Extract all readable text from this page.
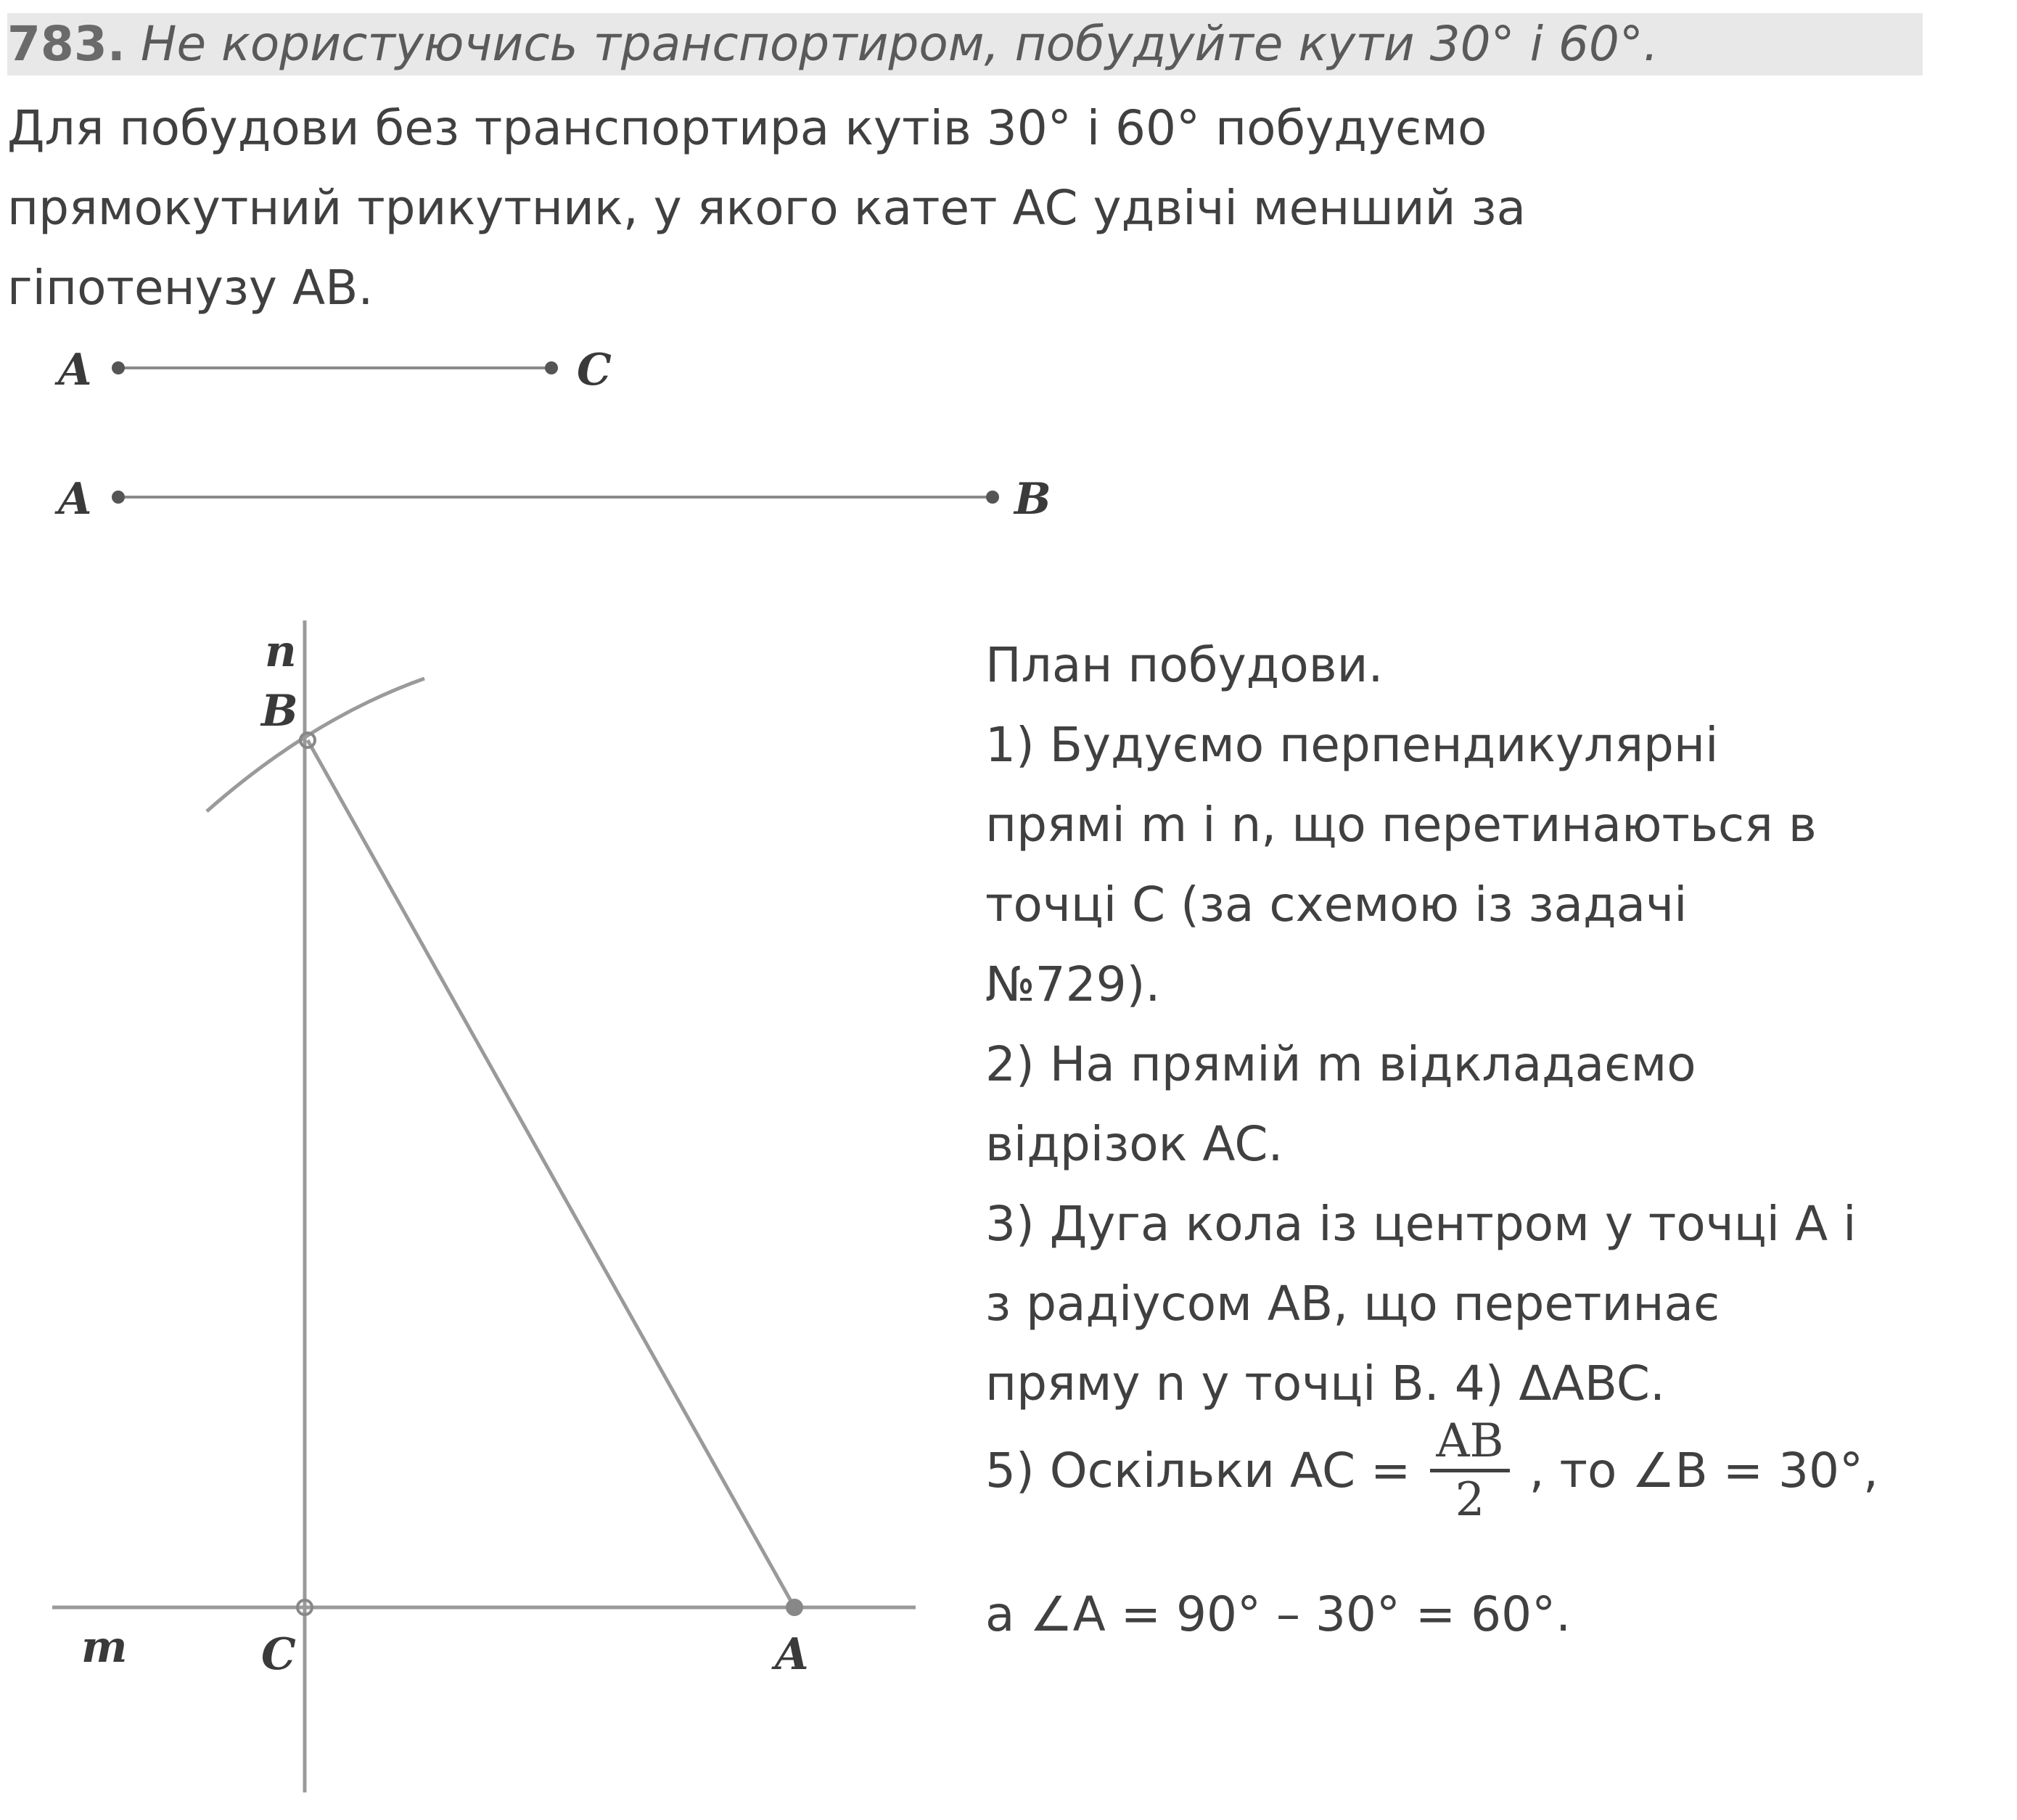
783. Не користуючись транспортиром, побудуйте кути 30° і 60°.
Для побудови без транспортира кутів 30° і 60° побудуємо
прямокутний трикутник, у якого катет AC удвічі менший за
гіпотенузу AB.
A	C
A	B
n
B
m	C	A
План побудови.
1) Будуємо перпендикулярні
прямі m і n, що перетинаються в
точці C (за схемою із задачі
№729).
2) На прямій m відкладаємо
відрізок AC.
3) Дуга кола із центром у точці A і
з радіусом AB, що перетинає
пряму n у точці B. 4) ΔABC.
5) Оскільки AC = $\frac{AB}{2}$ , то ∠B = 30°,
а ∠A = 90° – 30° = 60°.
